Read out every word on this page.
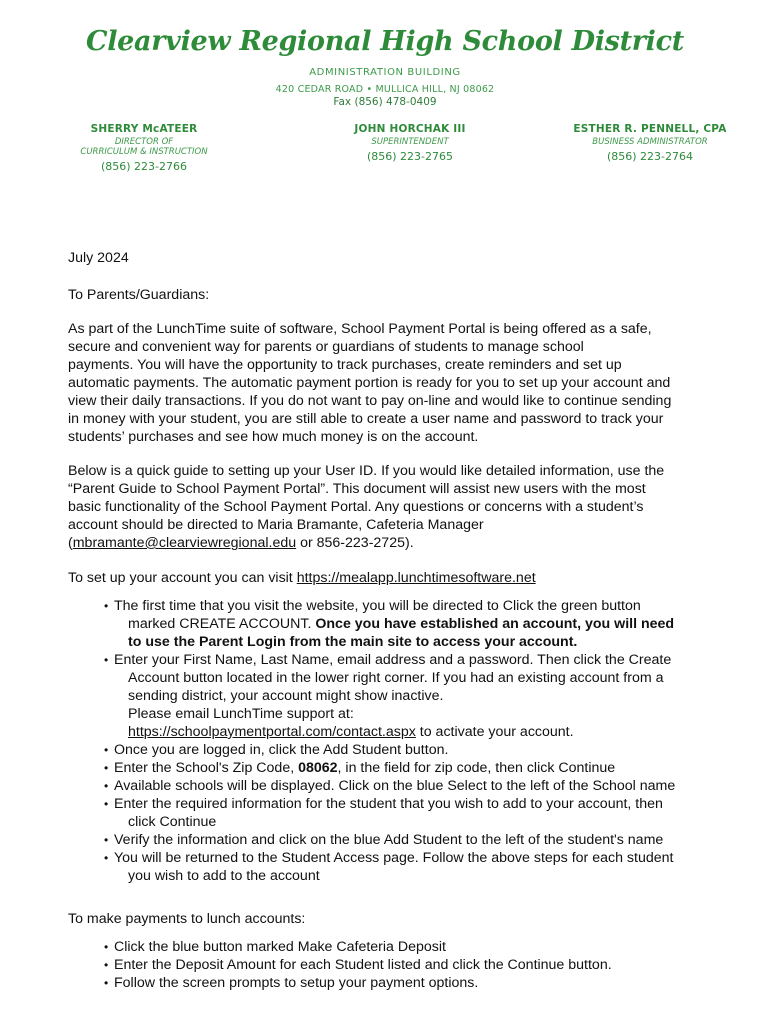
Clearview Regional High School District
ADMINISTRATION BUILDING
420 CEDAR ROAD • MULLICA HILL, NJ 08062
Fax (856) 478-0409
SHERRY McATEER
DIRECTOR OF
CURRICULUM & INSTRUCTION
(856) 223-2766
JOHN HORCHAK III
SUPERINTENDENT
(856) 223-2765
ESTHER R. PENNELL, CPA
BUSINESS ADMINISTRATOR
(856) 223-2764
July 2024
To Parents/Guardians:
As part of the LunchTime suite of software, School Payment Portal is being offered as a safe,
secure and convenient way for parents or guardians of students to manage school
payments. You will have the opportunity to track purchases, create reminders and set up
automatic payments. The automatic payment portion is ready for you to set up your account and
view their daily transactions. If you do not want to pay on-line and would like to continue sending
in money with your student, you are still able to create a user name and password to track your
students’ purchases and see how much money is on the account.
Below is a quick guide to setting up your User ID. If you would like detailed information, use the
“Parent Guide to School Payment Portal”. This document will assist new users with the most
basic functionality of the School Payment Portal. Any questions or concerns with a student’s
account should be directed to Maria Bramante, Cafeteria Manager
(mbramante@clearviewregional.edu or 856-223-2725).
To set up your account you can visit https://mealapp.lunchtimesoftware.net
• The first time that you visit the website, you will be directed to Click the green button
marked CREATE ACCOUNT. Once you have established an account, you will need
to use the Parent Login from the main site to access your account.
• Enter your First Name, Last Name, email address and a password. Then click the Create
Account button located in the lower right corner. If you had an existing account from a
sending district, your account might show inactive.
Please email LunchTime support at:
https://schoolpaymentportal.com/contact.aspx to activate your account.
• Once you are logged in, click the Add Student button.
• Enter the School's Zip Code, 08062, in the field for zip code, then click Continue
• Available schools will be displayed. Click on the blue Select to the left of the School name
• Enter the required information for the student that you wish to add to your account, then
click Continue
• Verify the information and click on the blue Add Student to the left of the student's name
• You will be returned to the Student Access page. Follow the above steps for each student
you wish to add to the account
To make payments to lunch accounts:
• Click the blue button marked Make Cafeteria Deposit
• Enter the Deposit Amount for each Student listed and click the Continue button.
• Follow the screen prompts to setup your payment options.
